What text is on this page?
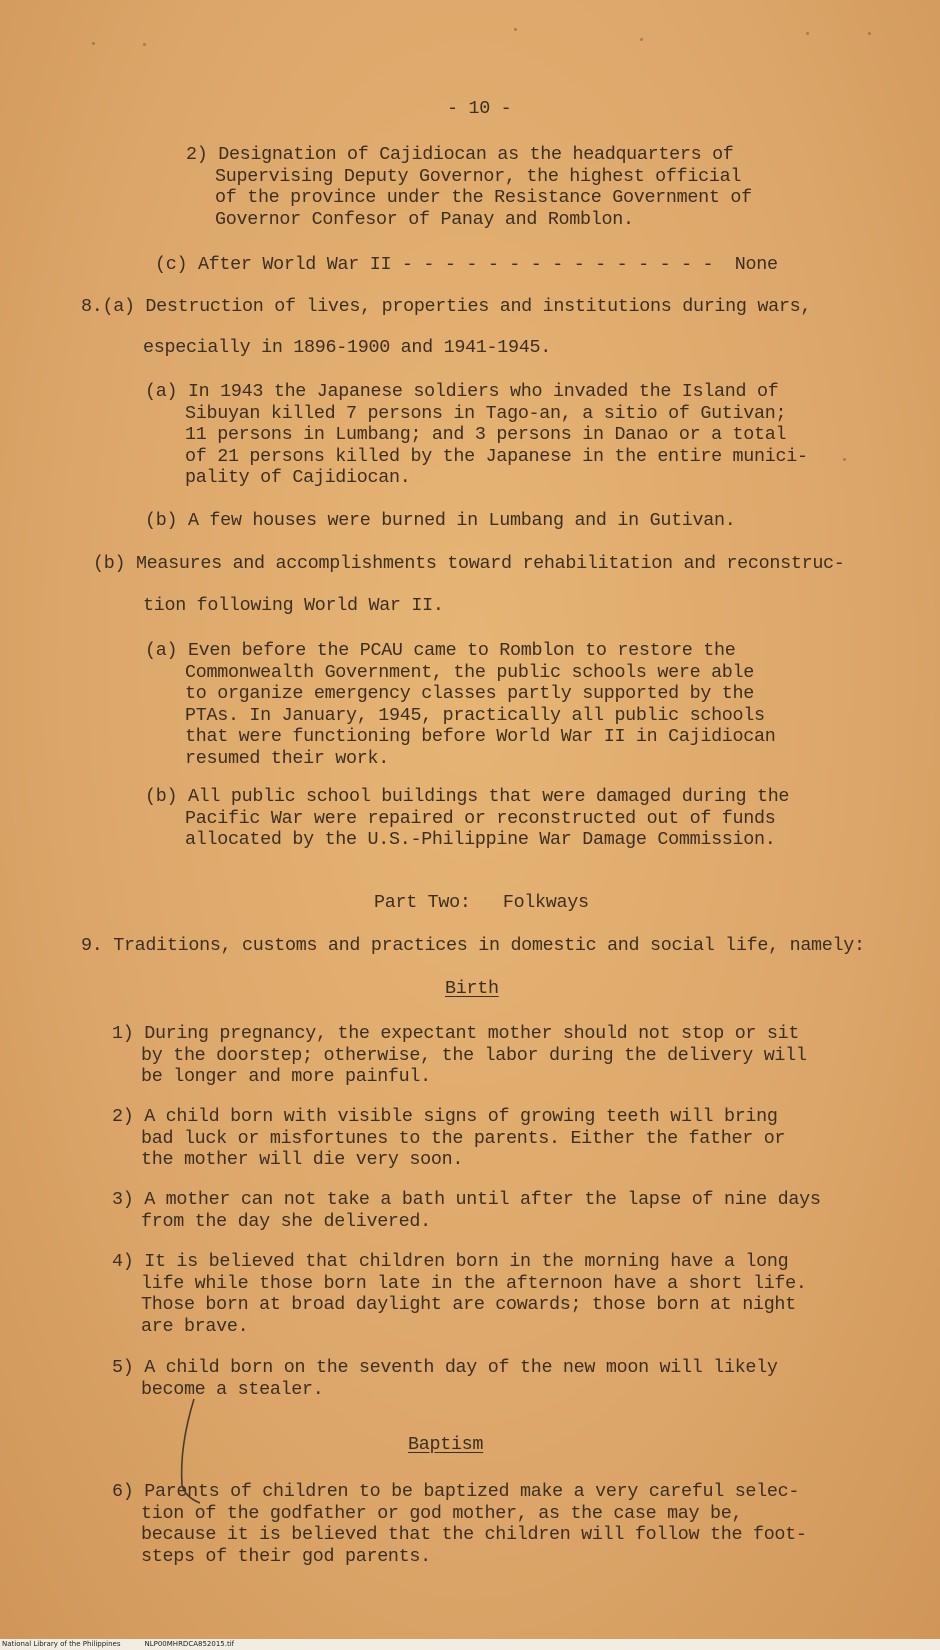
- 10 -
2) Designation of Cajidiocan as the headquarters of
Supervising Deputy Governor, the highest official
of the province under the Resistance Government of
Governor Confesor of Panay and Romblon.
(c) After World War II - - - - - - - - - - - - - - -  None
8.(a) Destruction of lives, properties and institutions during wars,
especially in 1896-1900 and 1941-1945.
(a) In 1943 the Japanese soldiers who invaded the Island of
Sibuyan killed 7 persons in Tago-an, a sitio of Gutivan;
11 persons in Lumbang; and 3 persons in Danao or a total
of 21 persons killed by the Japanese in the entire munici-
pality of Cajidiocan.
(b) A few houses were burned in Lumbang and in Gutivan.
(b) Measures and accomplishments toward rehabilitation and reconstruc-
tion following World War II.
(a) Even before the PCAU came to Romblon to restore the
Commonwealth Government, the public schools were able
to organize emergency classes partly supported by the
PTAs. In January, 1945, practically all public schools
that were functioning before World War II in Cajidiocan
resumed their work.
(b) All public school buildings that were damaged during the
Pacific War were repaired or reconstructed out of funds
allocated by the U.S.-Philippine War Damage Commission.
Part Two:   Folkways
9. Traditions, customs and practices in domestic and social life, namely:
Birth
1) During pregnancy, the expectant mother should not stop or sit
by the doorstep; otherwise, the labor during the delivery will
be longer and more painful.
2) A child born with visible signs of growing teeth will bring
bad luck or misfortunes to the parents. Either the father or
the mother will die very soon.
3) A mother can not take a bath until after the lapse of nine days
from the day she delivered.
4) It is believed that children born in the morning have a long
life while those born late in the afternoon have a short life.
Those born at broad daylight are cowards; those born at night
are brave.
5) A child born on the seventh day of the new moon will likely
become a stealer.
Baptism
6) Parents of children to be baptized make a very careful selec-
tion of the godfather or god mother, as the case may be,
because it is believed that the children will follow the foot-
steps of their god parents.
National Library of the Philippines	NLP00MHRDCA852015.tif
